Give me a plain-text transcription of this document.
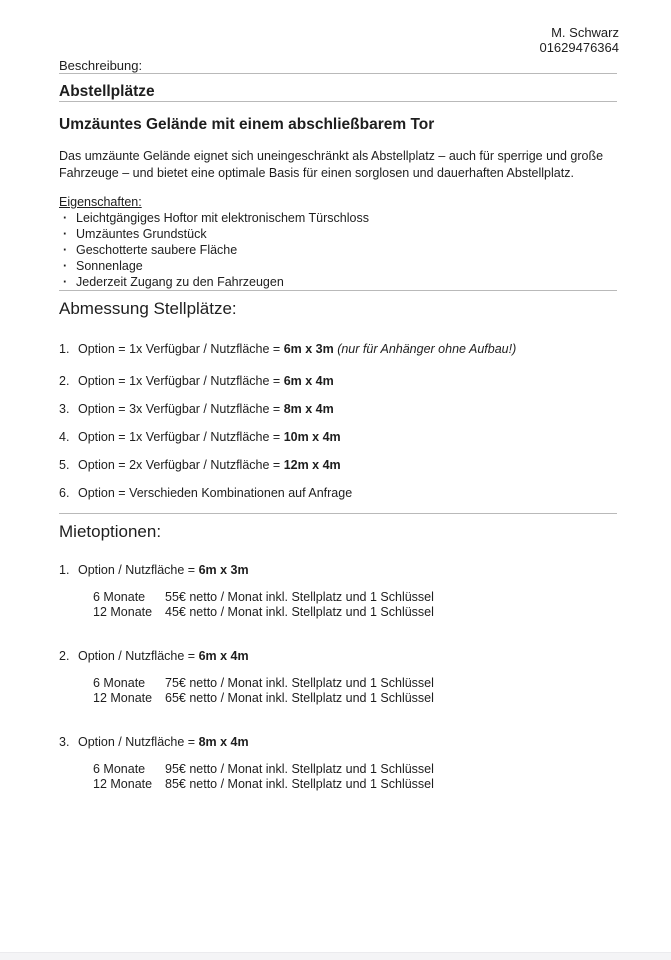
M. Schwarz
01629476364
Beschreibung:
Abstellplätze
Umzäuntes Gelände mit einem abschließbarem Tor

Das umzäunte Gelände eignet sich uneingeschränkt als Abstellplatz – auch für sperrige und große Fahrzeuge – und bietet eine optimale Basis für einen sorglosen und dauerhaften Abstellplatz.

Eigenschaften:
· Leichtgängiges Hoftor mit elektronischem Türschloss
· Umzäuntes Grundstück
· Geschotterte saubere Fläche
· Sonnenlage
· Jederzeit Zugang zu den Fahrzeugen
Abmessung Stellplätze:
1. Option = 1x Verfügbar / Nutzfläche = 6m x 3m (nur für Anhänger ohne Aufbau!)
2. Option = 1x Verfügbar / Nutzfläche = 6m x 4m
3. Option = 3x Verfügbar / Nutzfläche = 8m x 4m
4. Option = 1x Verfügbar / Nutzfläche = 10m x 4m
5. Option = 2x Verfügbar / Nutzfläche = 12m x 4m
6. Option = Verschieden Kombinationen auf Anfrage
Mietoptionen:
1. Option / Nutzfläche = 6m x 3m
6 Monate	55€ netto / Monat inkl. Stellplatz und 1 Schlüssel
12 Monate	45€ netto / Monat inkl. Stellplatz und 1 Schlüssel
2. Option / Nutzfläche = 6m x 4m
6 Monate	75€ netto / Monat inkl. Stellplatz und 1 Schlüssel
12 Monate	65€ netto / Monat inkl. Stellplatz und 1 Schlüssel
3. Option / Nutzfläche = 8m x 4m
6 Monate	95€ netto / Monat inkl. Stellplatz und 1 Schlüssel
12 Monate	85€ netto / Monat inkl. Stellplatz und 1 Schlüssel
